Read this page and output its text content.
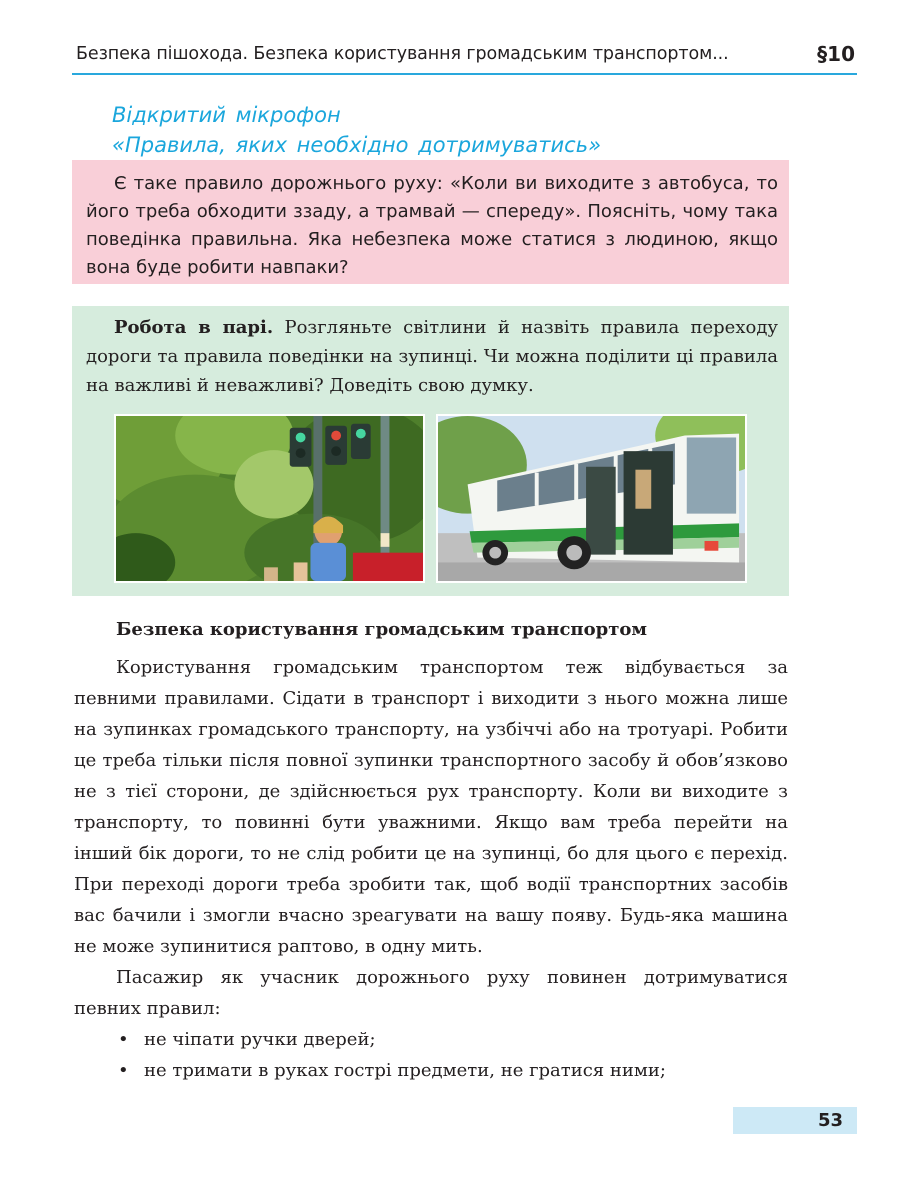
Безпека пішохода. Безпека користування громадським транспортом...	§10
Відкритий мікрофон
«Правила, яких необхідно дотримуватись»

Є таке правило дорожнього руху: «Коли ви виходите з автобуса, то його треба обходити ззаду, а трамвай — спереду». Поясніть, чому така поведінка правильна. Яка небезпека може статися з людиною, якщо вона буде робити навпаки?

Робота в парі. Розгляньте світлини й назвіть правила переходу дороги та правила поведінки на зупинці. Чи можна поділити ці правила на важливі й неважливі? Доведіть свою думку.

Безпека користування громадським транспортом

Користування громадським транспортом теж відбувається за певними правилами. Сідати в транспорт і виходити з нього можна лише на зупинках громадського транспорту, на узбіччі або на тротуарі. Робити це треба тільки після повної зупинки транспортного засобу й обов’язково не з тієї сторони, де здійснюється рух транспорту. Коли ви виходите з транспорту, то повинні бути уважними. Якщо вам треба перейти на інший бік дороги, то не слід робити це на зупинці, бо для цього є перехід. При переході дороги треба зробити так, щоб водії транспортних засобів вас бачили і змогли вчасно зреагувати на вашу появу. Будь-яка машина не може зупинитися раптово, в одну мить.

Пасажир як учасник дорожнього руху повинен дотримуватися певних правил:

• не чіпати ручки дверей;
• не тримати в руках гострі предмети, не гратися ними;
53
